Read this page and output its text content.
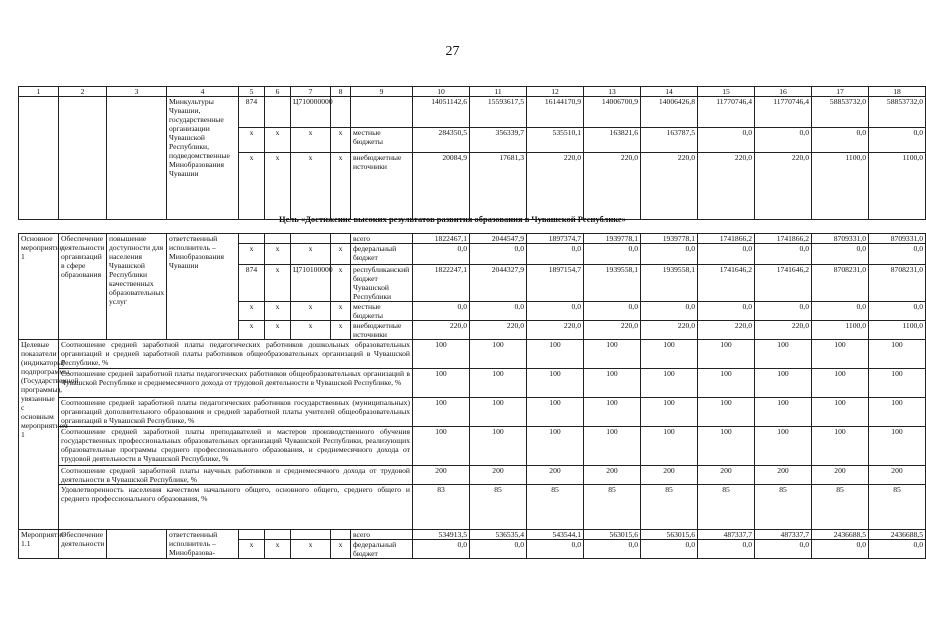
27
1	2	3	4	5	6	7	8	9	10	11	12	13	14	15	16	17	18
			Минкультуры Чувашии, государственные организации Чувашской Республики, подведомственные Минобразования Чувашии	874		Ц710000000			14051142,6	15593617,5	16144170,9	14006700,9	14006426,8	11770746,4	11770746,4	58853732,0	58853732,0
				х	х	х	х	местные бюджеты	284350,5	356339,7	535510,1	163821,6	163787,5	0,0	0,0	0,0	0,0
				х	х	х	х	внебюджетные источники	20084,9	17681,3	220,0	220,0	220,0	220,0	220,0	1100,0	1100,0
Цель «Достижение высоких результатов развития образования в Чувашской Республике»
Основное мероприятие 1	Обеспечение деятельности организаций в сфере образования	повышение доступности для населения Чувашской Республики качественных образовательных услуг	ответственный исполнитель – Минобразования Чувашии					всего	1822467,1	2044547,9	1897374,7	1939778,1	1939778,1	1741866,2	1741866,2	8709331,0	8709331,0
				х	х	х	х	федеральный бюджет	0,0	0,0	0,0	0,0	0,0	0,0	0,0	0,0	0,0
				874	х	Ц710100000	х	республиканский бюджет Чувашской Республики	1822247,1	2044327,9	1897154,7	1939558,1	1939558,1	1741646,2	1741646,2	8708231,0	8708231,0
				х	х	х	х	местные бюджеты	0,0	0,0	0,0	0,0	0,0	0,0	0,0	0,0	0,0
				х	х	х	х	внебюджетные источники	220,0	220,0	220,0	220,0	220,0	220,0	220,0	1100,0	1100,0
Целевые показатели (индикаторы) подпрограммы (Государственной программы), увязанные с основным мероприятием 1	Соотношение средней заработной платы педагогических работников дошкольных образовательных организаций и средней заработной платы работников общеобразовательных организаций в Чувашской Республике, %								100	100	100	100	100	100	100	100	100
	Соотношение средней заработной платы педагогических работников общеобразовательных организаций в Чувашской Республике и среднемесячного дохода от трудовой деятельности в Чувашской Республике, %								100	100	100	100	100	100	100	100	100
	Соотношение средней заработной платы педагогических работников государственных (муниципальных) организаций дополнительного образования и средней заработной платы учителей общеобразовательных организаций в Чувашской Республике, %								100	100	100	100	100	100	100	100	100
	Соотношение средней заработной платы преподавателей и мастеров производственного обучения государственных профессиональных образовательных организаций Чувашской Республики, реализующих образовательные программы среднего профессионального образования, и среднемесячного дохода от трудовой деятельности в Чувашской Республике, %								100	100	100	100	100	100	100	100	100
	Соотношение средней заработной платы научных работников и среднемесячного дохода от трудовой деятельности в Чувашской Республике, %								200	200	200	200	200	200	200	200	200
	Удовлетворенность населения качеством начального общего, основного общего, среднего общего и среднего профессионального образования, %								83	85	85	85	85	85	85	85	85
Мероприятие 1.1	Обеспечение деятельности		ответственный исполнитель – Минобразова-					всего	534913,5	536535,4	543544,1	563015,6	563015,6	487337,7	487337,7	2436688,5	2436688,5
				х	х	х	х	федеральный бюджет	0,0	0,0	0,0	0,0	0,0	0,0	0,0	0,0	0,0
